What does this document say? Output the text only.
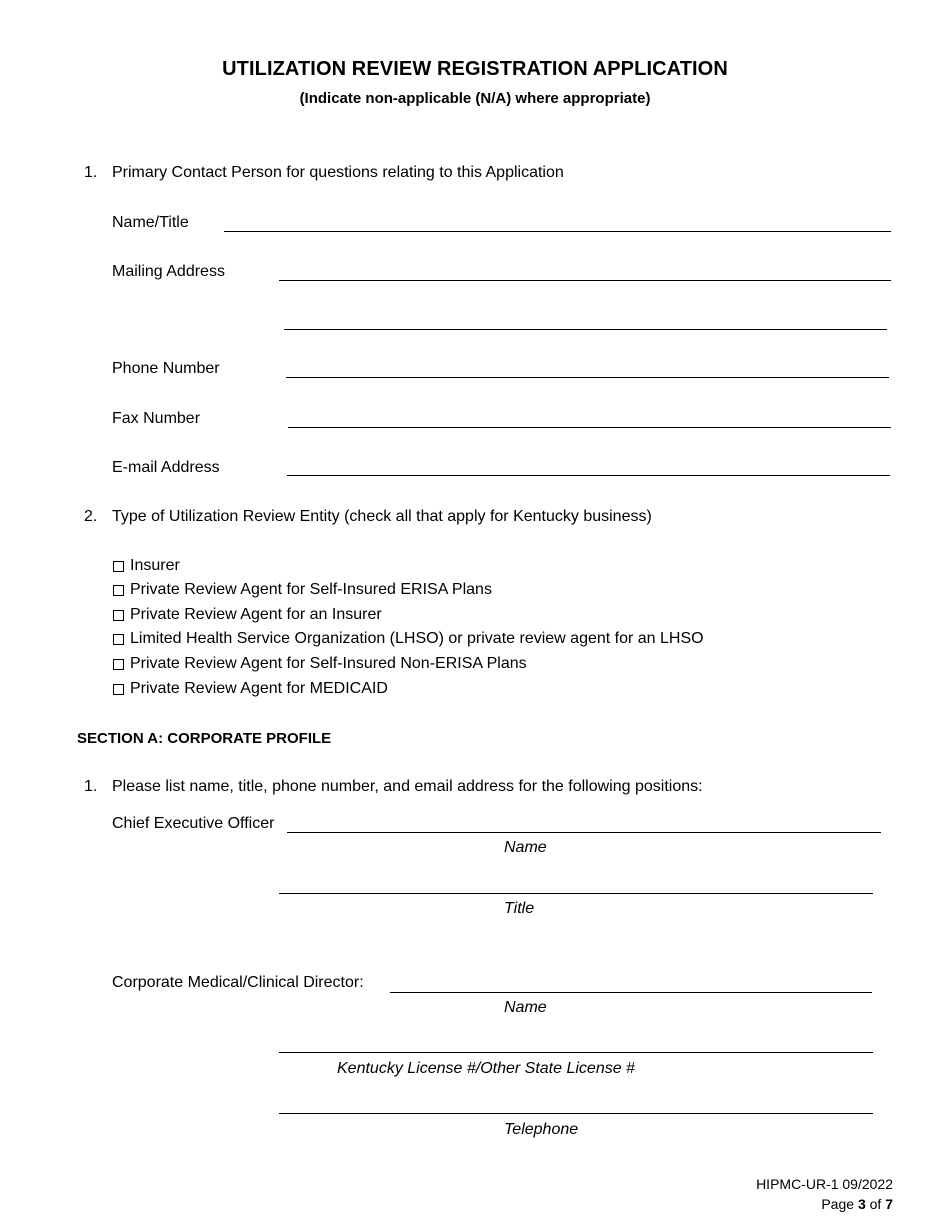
UTILIZATION REVIEW REGISTRATION APPLICATION
(Indicate non-applicable (N/A) where appropriate)
1. Primary Contact Person for questions relating to this Application
Name/Title
Mailing Address
Phone Number
Fax Number
E-mail Address
2. Type of Utilization Review Entity (check all that apply for Kentucky business)
Insurer
Private Review Agent for Self-Insured ERISA Plans
Private Review Agent for an Insurer
Limited Health Service Organization (LHSO) or private review agent for an LHSO
Private Review Agent for Self-Insured Non-ERISA Plans
Private Review Agent for MEDICAID
SECTION A: CORPORATE PROFILE
1. Please list name, title, phone number, and email address for the following positions:
Chief Executive Officer
Name
Title
Corporate Medical/Clinical Director:
Name
Kentucky License #/Other State License #
Telephone
HIPMC-UR-1 09/2022
Page 3 of 7
